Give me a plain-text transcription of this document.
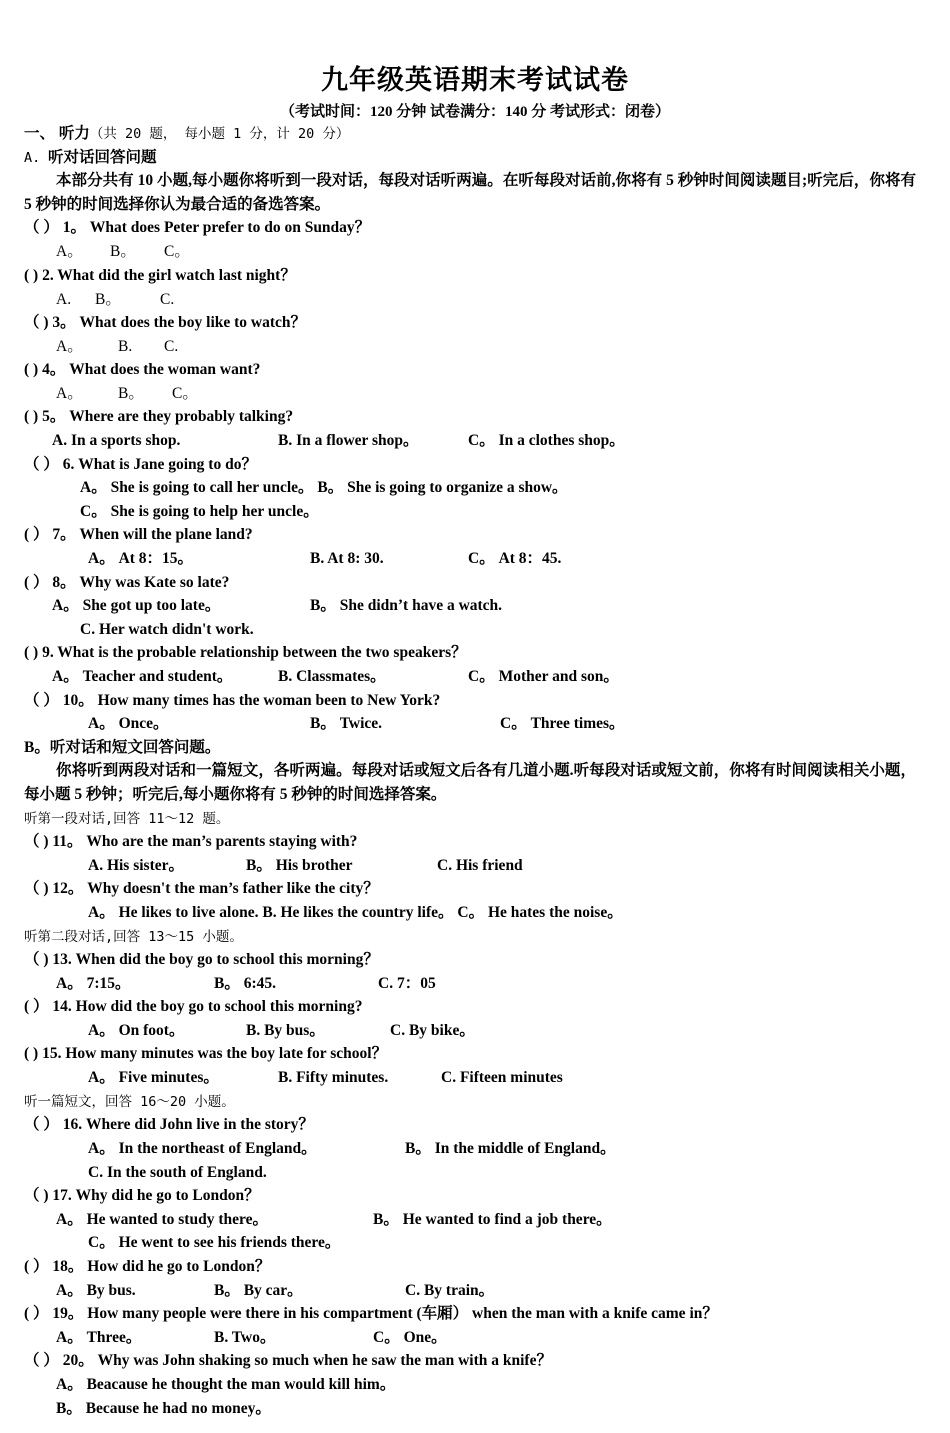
九年级英语期末考试试卷
（考试时间：120 分钟 试卷满分：140 分 考试形式：闭卷）
一、 听力（共 20 题， 每小题 1 分，计 20 分）
A. 听对话回答问题
本部分共有 10 小题,每小题你将听到一段对话，每段对话听两遍。在听每段对话前,你将有 5 秒钟时间阅读题目;听完后，你将有 5 秒钟的时间选择你认为最合适的备选答案。
（ ） 1。 What does Peter prefer to do on Sunday？
A。 B。 C。
( ) 2. What did the girl watch last night？
A. B。	C.
（ ) 3。 What does the boy like to watch？
A。 B. C.
( ) 4。 What does the woman want?
A。 B。 C。
( ) 5。 Where are they probably talking?
A. In a sports shop.	B. In a flower shop。	C。 In a clothes shop。
（ ） 6. What is Jane going to do？
A。 She is going to call her uncle。 B。 She is going to organize a show。
C。 She is going to help her uncle。
( ） 7。 When will the plane land?
A。 At 8：15。	B. At 8: 30.	C。 At 8：45.
( ） 8。 Why was Kate so late?
A。 She got up too late。	B。 She didn’t have a watch.
C. Her watch didn't work.
( ) 9. What is the probable relationship between the two speakers？
A。 Teacher and student。	B. Classmates。	C。 Mother and son。
（ ） 10。 How many times has the woman been to New York?
A。 Once。	B。 Twice.	C。 Three times。
B。听对话和短文回答问题。
你将听到两段对话和一篇短文，各听两遍。每段对话或短文后各有几道小题.听每段对话或短文前，你将有时间阅读相关小题，每小题 5 秒钟；听完后,每小题你将有 5 秒钟的时间选择答案。
听第一段对话,回答 11～12 题。
（ ) 11。 Who are the man’s parents staying with?
A. His sister。	B。 His brother	C. His friend
（ ) 12。 Why doesn't the man’s father like the city？
A。 He likes to live alone. B. He likes the country life。 C。 He hates the noise。
听第二段对话,回答 13～15 小题。
（ ) 13. When did the boy go to school this morning？
A。 7:15。	B。 6:45.	C. 7：05
( ） 14. How did the boy go to school this morning?
A。 On foot。	B. By bus。	C. By bike。
( ) 15. How many minutes was the boy late for school？
A。 Five minutes。	B. Fifty minutes.	C. Fifteen minutes
听一篇短文，回答 16～20 小题。
（ ） 16. Where did John live in the story？
A。 In the northeast of England。	B。 In the middle of England。
C. In the south of England.
（ ) 17. Why did he go to London？
A。 He wanted to study there。	B。 He wanted to find a job there。
C。 He went to see his friends there。
( ） 18。 How did he go to London？
A。 By bus.	B。 By car。	C. By train。
( ） 19。 How many people were there in his compartment (车厢） when the man with a knife came in？
A。 Three。	B. Two。	C。 One。
（ ） 20。 Why was John shaking so much when he saw the man with a knife？
A。 Beacause he thought the man would kill him。
B。 Because he had no money。
